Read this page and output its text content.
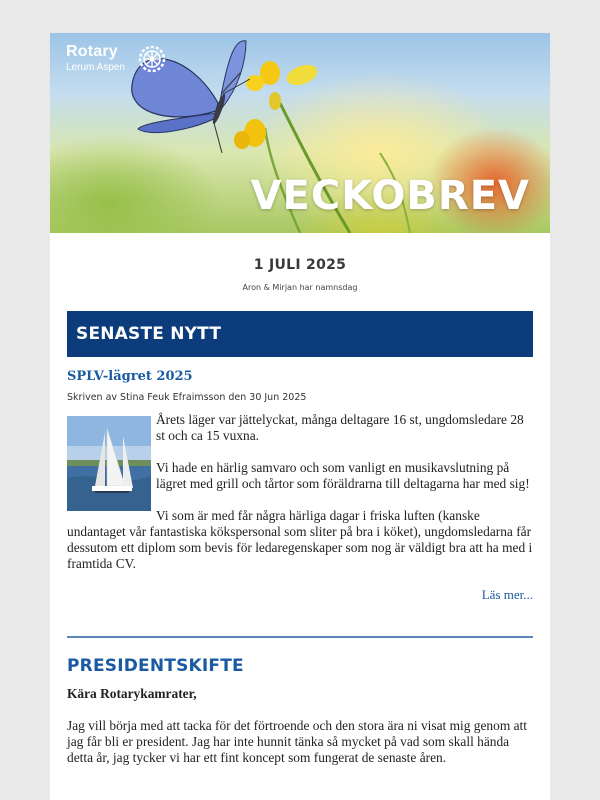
Rotary
Lerum Aspen
VECKOBREV
1 JULI 2025
Aron & Mirjan har namnsdag
SENASTE NYTT
SPLV-lägret 2025
Skriven av Stina Feuk Efraimsson den 30 Jun 2025

Årets läger var jättelyckat, många deltagare 16 st, ungdomsledare 28 st och ca 15 vuxna.

Vi hade en härlig samvaro och som vanligt en musikavslutning på lägret med grill och tårtor som föräldrarna till deltagarna har med sig!

Vi som är med får några härliga dagar i friska luften (kanske undantaget vår fantastiska kökspersonal som sliter på bra i köket), ungdomsledarna får dessutom ett diplom som bevis för ledaregenskaper som nog är väldigt bra att ha med i framtida CV.

Läs mer...
PRESIDENTSKIFTE
Kära Rotarykamrater,

Jag vill börja med att tacka för det förtroende och den stora ära ni visat mig genom att jag får bli er president. Jag har inte hunnit tänka så mycket på vad som skall hända detta år, jag tycker vi har ett fint koncept som fungerat de senaste åren.
